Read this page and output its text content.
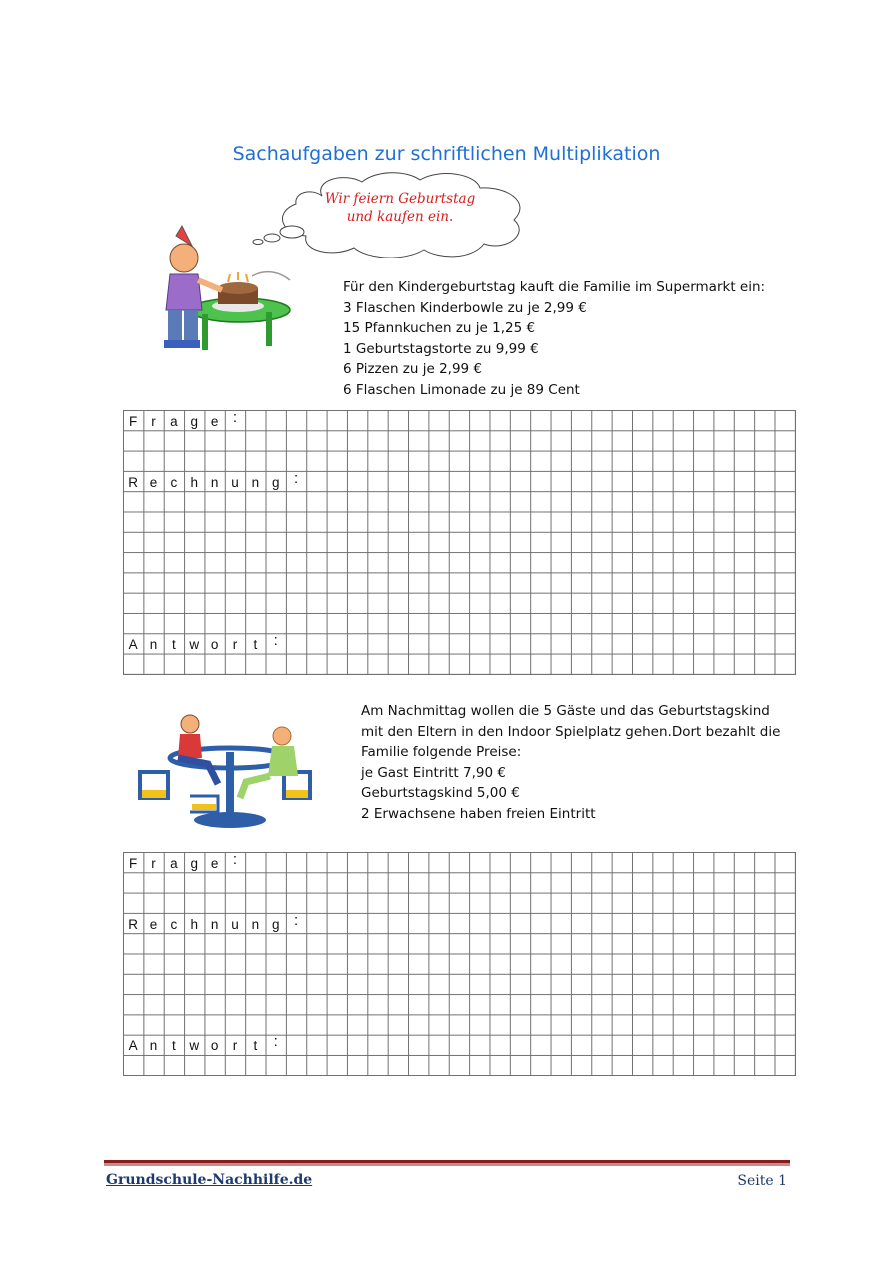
Sachaufgaben zur schriftlichen Multiplikation
Wir feiern Geburtstag
und kaufen ein.
Für den Kindergeburtstag kauft die Familie im Supermarkt ein:
3 Flaschen Kinderbowle zu je 2,99 €
15 Pfannkuchen zu je 1,25 €
1 Geburtstagstorte zu 9,99 €
6 Pizzen zu je 2,99 €
6 Flaschen Limonade zu je 89 Cent
F	r	a g e :
R e c h n u n g :
A n	t	w o	r	t	:
Am Nachmittag wollen die 5 Gäste und das Geburtstagskind
mit den Eltern in den Indoor Spielplatz gehen.Dort bezahlt die
Familie folgende Preise:
je Gast Eintritt 7,90 €
Geburtstagskind 5,00 €
2 Erwachsene haben freien Eintritt
F	r	a g e :
R e c h n u n g :
A n	t	w o	r	t	:
Grundschule-Nachhilfe.de	Seite 1
